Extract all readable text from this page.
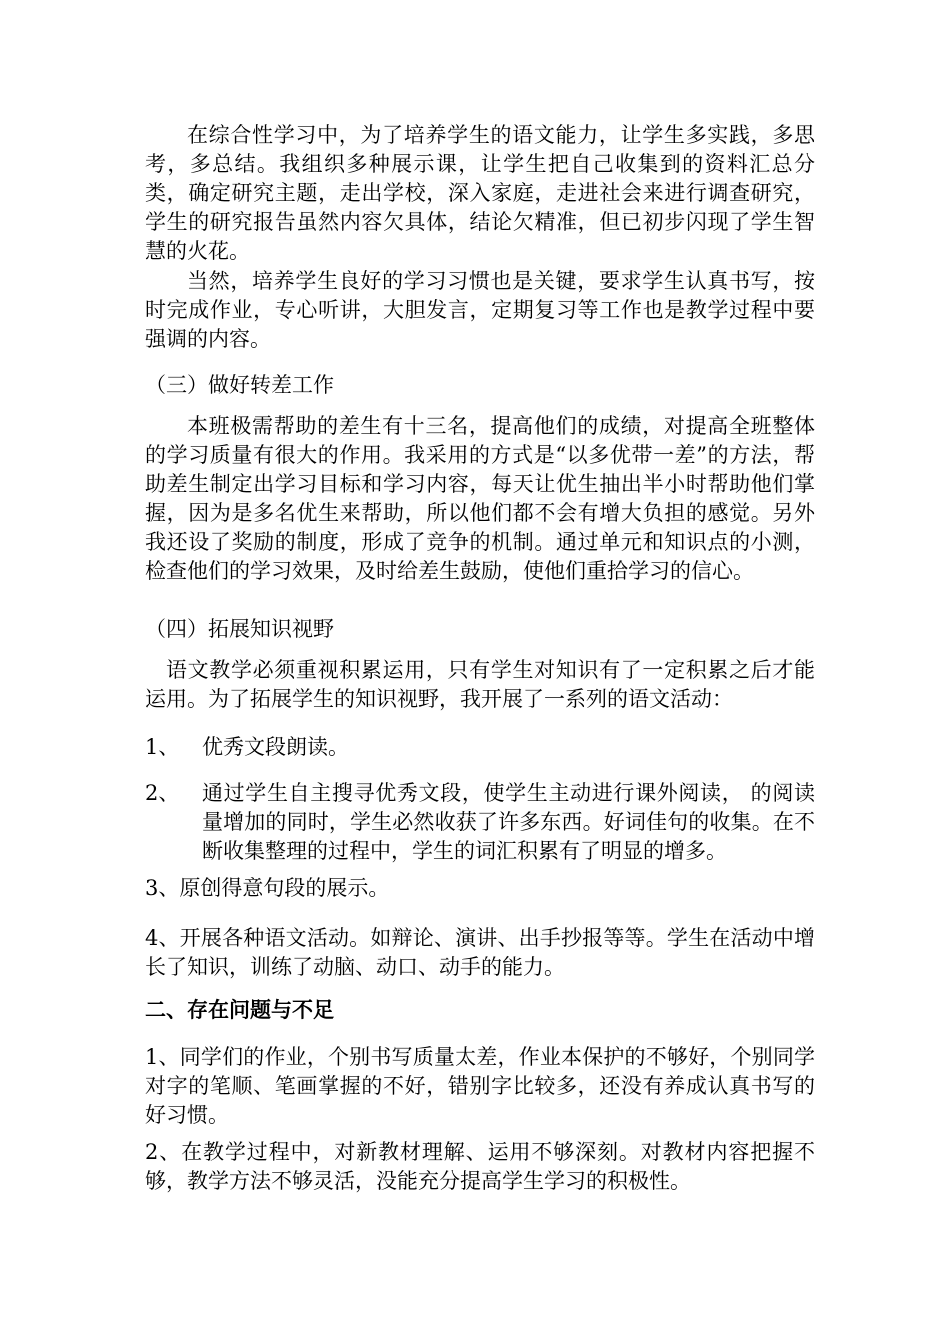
在综合性学习中，为了培养学生的语文能力，让学生多实践，多思考，多总结。我组织多种展示课，让学生把自己收集到的资料汇总分类，确定研究主题，走出学校，深入家庭，走进社会来进行调查研究，学生的研究报告虽然内容欠具体，结论欠精准，但已初步闪现了学生智慧的火花。

当然，培养学生良好的学习习惯也是关键，要求学生认真书写，按时完成作业，专心听讲，大胆发言，定期复习等工作也是教学过程中要强调的内容。

（三）做好转差工作

本班极需帮助的差生有十三名，提高他们的成绩，对提高全班整体的学习质量有很大的作用。我采用的方式是“以多优带一差”的方法，帮助差生制定出学习目标和学习内容，每天让优生抽出半小时帮助他们掌握，因为是多名优生来帮助，所以他们都不会有增大负担的感觉。另外我还设了奖励的制度，形成了竞争的机制。通过单元和知识点的小测，检查他们的学习效果，及时给差生鼓励，使他们重拾学习的信心。

（四）拓展知识视野

语文教学必须重视积累运用，只有学生对知识有了一定积累之后才能运用。为了拓展学生的知识视野，我开展了一系列的语文活动：

1、 优秀文段朗读。
2、 通过学生自主搜寻优秀文段，使学生主动进行课外阅读， 的阅读量增加的同时，学生必然收获了许多东西。好词佳句的收集。在不断收集整理的过程中，学生的词汇积累有了明显的增多。

3、原创得意句段的展示。

4、开展各种语文活动。如辩论、演讲、出手抄报等等。学生在活动中增长了知识，训练了动脑、动口、动手的能力。

二、存在问题与不足

1、同学们的作业，个别书写质量太差，作业本保护的不够好，个别同学对字的笔顺、笔画掌握的不好，错别字比较多，还没有养成认真书写的好习惯。

2、在教学过程中，对新教材理解、运用不够深刻。对教材内容把握不够，教学方法不够灵活，没能充分提高学生学习的积极性。
